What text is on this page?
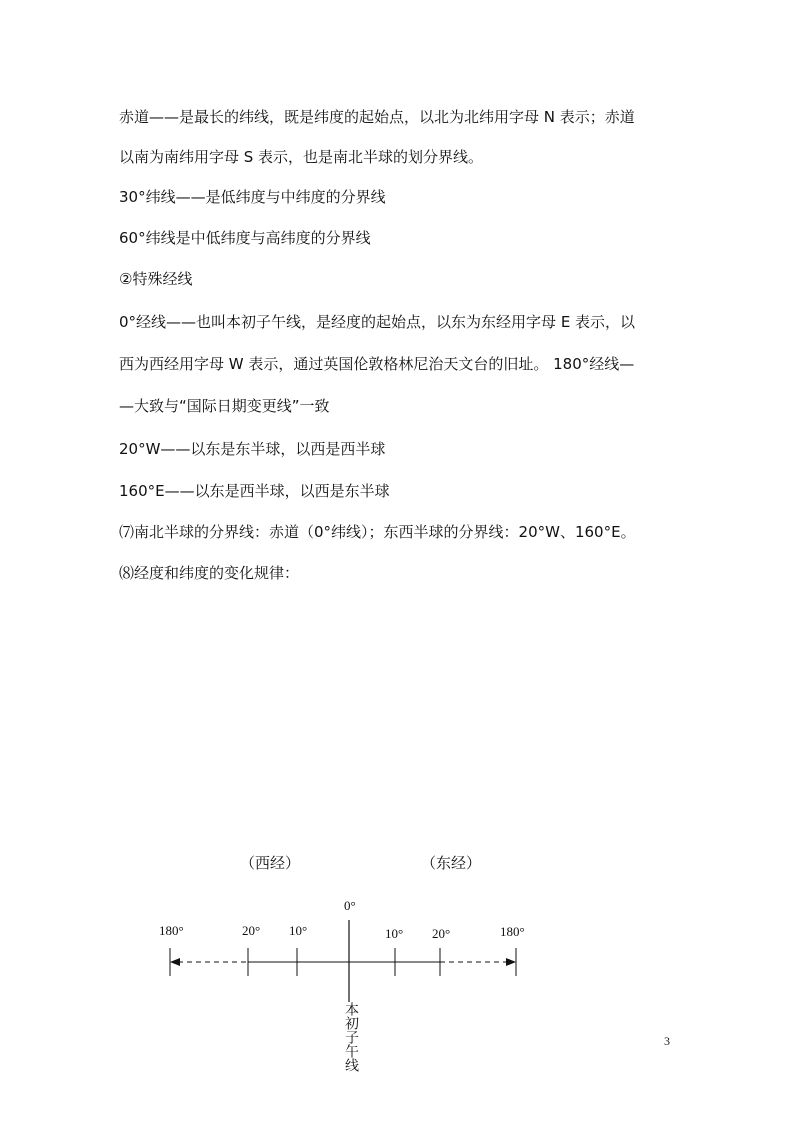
赤道——是最长的纬线，既是纬度的起始点，以北为北纬用字母 N 表示；赤道
以南为南纬用字母 S 表示，也是南北半球的划分界线。
30°纬线——是低纬度与中纬度的分界线
60°纬线是中低纬度与高纬度的分界线
②特殊经线
0°经线——也叫本初子午线，是经度的起始点，以东为东经用字母 E 表示，以
西为西经用字母 W 表示，通过英国伦敦格林尼治天文台的旧址。 180°经线—
—大致与“国际日期变更线”一致
20°W——以东是东半球，以西是西半球
160°E——以东是西半球，以西是东半球
⑺南北半球的分界线：赤道（0°纬线）；东西半球的分界线：20°W、160°E。
⑻经度和纬度的变化规律：
（西经）	（东经）
0°
180°	20° 10°	10° 20°	180°
本初子午线	3
